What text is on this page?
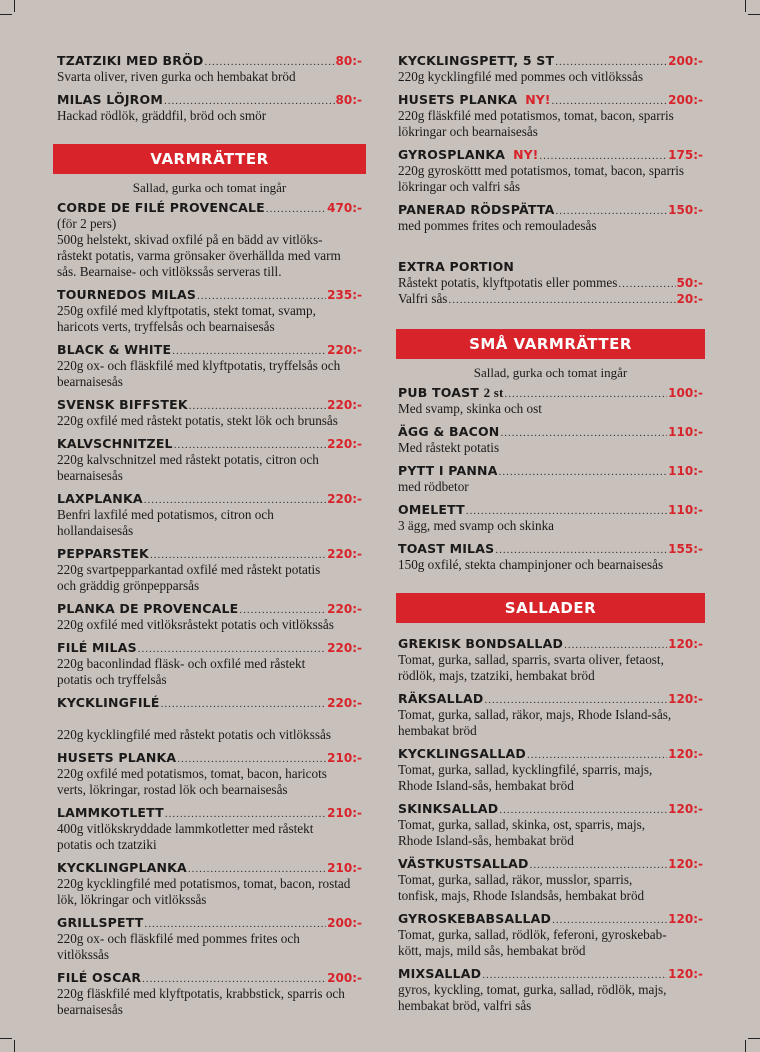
TZATZIKI MED BRÖD .....	80:-
Svarta oliver, riven gurka och hembakat bröd
MILAS LÖJROM .....	80:-
Hackad rödlök, gräddfil, bröd och smör
VARMRÄTTER
Sallad, gurka och tomat ingår
CORDE DE FILÉ PROVENCALE .....	470:-
(för 2 pers)
500g helstekt, skivad oxfilé på en bädd av vitlöks-
råstekt potatis, varma grönsaker överhällda med varm
sås. Bearnaise- och vitlökssås serveras till.
TOURNEDOS MILAS .....	235:-
250g oxfilé med klyftpotatis, stekt tomat, svamp,
haricots verts, tryffelsås och bearnaisesås
BLACK & WHITE .....	220:-
220g ox- och fläskfilé med klyftpotatis, tryffelsås och
bearnaisesås
SVENSK BIFFSTEK .....	220:-
220g oxfilé med råstekt potatis, stekt lök och brunsås
KALVSCHNITZEL .....	220:-
220g kalvschnitzel med råstekt potatis, citron och
bearnaisesås
LAXPLANKA .....	220:-
Benfri laxfilé med potatismos, citron och
hollandaisesås
PEPPARSTEK .....	220:-
220g svartpepparkantad oxfilé med råstekt potatis
och gräddig grönpepparsås
PLANKA DE PROVENCALE .....	220:-
220g oxfilé med vitlöksråstekt potatis och vitlökssås
FILÉ MILAS .....	220:-
220g baconlindad fläsk- och oxfilé med råstekt
potatis och tryffelsås
KYCKLINGFILÉ .....	220:-
220g kycklingfilé med råstekt potatis och vitlökssås
HUSETS PLANKA .....	210:-
220g oxfilé med potatismos, tomat, bacon, haricots
verts, lökringar, rostad lök och bearnaisesås
LAMMKOTLETT .....	210:-
400g vitlökskryddade lammkotletter med råstekt
potatis och tzatziki
KYCKLINGPLANKA .....	210:-
220g kycklingfilé med potatismos, tomat, bacon, rostad
lök, lökringar och vitlökssås
GRILLSPETT .....	200:-
220g ox- och fläskfilé med pommes frites och
vitlökssås
FILÉ OSCAR .....	200:-
220g fläskfilé med klyftpotatis, krabbstick, sparris och
bearnaisesås
KYCKLINGSPETT, 5 ST .....	200:-
220g kycklingfilé med pommes och vitlökssås
HUSETS PLANKA NY! .....	200:-
220g fläskfilé med potatismos, tomat, bacon, sparris
lökringar och bearnaisesås
GYROSPLANKA NY! .....	175:-
220g gyrosköttt med potatismos, tomat, bacon, sparris
lökringar och valfri sås
PANERAD RÖDSPÄTTA .....	150:-
med pommes frites och remouladesås
EXTRA PORTION
Råstekt potatis, klyftpotatis eller pommes .....	50:-
Valfri sås .....	20:-
SMÅ VARMRÄTTER
Sallad, gurka och tomat ingår
PUB TOAST 2 st .....	100:-
Med svamp, skinka och ost
ÄGG & BACON .....	110:-
Med råstekt potatis
PYTT I PANNA .....	110:-
med rödbetor
OMELETT .....	110:-
3 ägg, med svamp och skinka
TOAST MILAS .....	155:-
150g oxfilé, stekta champinjoner och bearnaisesås
SALLADER
GREKISK BONDSALLAD .....	120:-
Tomat, gurka, sallad, sparris, svarta oliver, fetaost,
rödlök, majs, tzatziki, hembakat bröd
RÄKSALLAD .....	120:-
Tomat, gurka, sallad, räkor, majs, Rhode Island-sås,
hembakat bröd
KYCKLINGSALLAD .....	120:-
Tomat, gurka, sallad, kycklingfilé, sparris, majs,
Rhode Island-sås, hembakat bröd
SKINKSALLAD .....	120:-
Tomat, gurka, sallad, skinka, ost, sparris, majs,
Rhode Island-sås, hembakat bröd
VÄSTKUSTSALLAD .....	120:-
Tomat, gurka, sallad, räkor, musslor, sparris,
tonfisk, majs, Rhode Islandsås, hembakat bröd
GYROSKEBABSALLAD .....	120:-
Tomat, gurka, sallad, rödlök, feferoni, gyroskebab-
kött, majs, mild sås, hembakat bröd
MIXSALLAD .....	120:-
gyros, kyckling, tomat, gurka, sallad, rödlök, majs,
hembakat bröd, valfri sås
